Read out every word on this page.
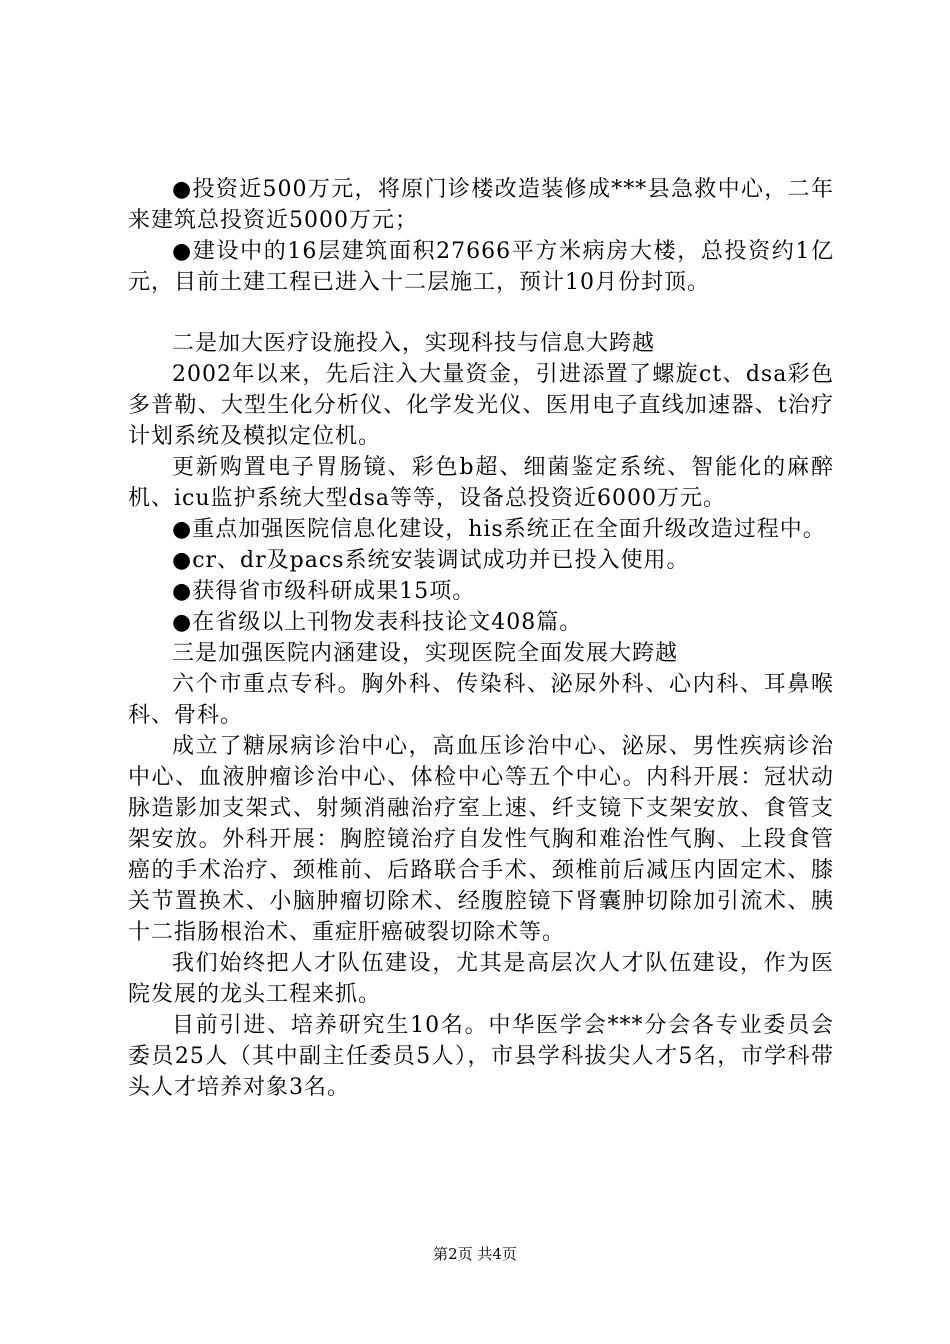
●投资近500万元，将原门诊楼改造装修成***县急救中心，二年来建筑总投资近5000万元；

●建设中的16层建筑面积27666平方米病房大楼，总投资约1亿元，目前土建工程已进入十二层施工，预计10月份封顶。

二是加大医疗设施投入，实现科技与信息大跨越

2002年以来，先后注入大量资金，引进添置了螺旋ct、dsa彩色多普勒、大型生化分析仪、化学发光仪、医用电子直线加速器、t治疗计划系统及模拟定位机。

更新购置电子胃肠镜、彩色b超、细菌鉴定系统、智能化的麻醉机、icu监护系统大型dsa等等，设备总投资近6000万元。

●重点加强医院信息化建设，his系统正在全面升级改造过程中。

●cr、dr及pacs系统安装调试成功并已投入使用。

●获得省市级科研成果15项。

●在省级以上刊物发表科技论文408篇。

三是加强医院内涵建设，实现医院全面发展大跨越

六个市重点专科。胸外科、传染科、泌尿外科、心内科、耳鼻喉科、骨科。

成立了糖尿病诊治中心，高血压诊治中心、泌尿、男性疾病诊治中心、血液肿瘤诊治中心、体检中心等五个中心。内科开展：冠状动脉造影加支架式、射频消融治疗室上速、纤支镜下支架安放、食管支架安放。外科开展：胸腔镜治疗自发性气胸和难治性气胸、上段食管癌的手术治疗、颈椎前、后路联合手术、颈椎前后减压内固定术、膝关节置换术、小脑肿瘤切除术、经腹腔镜下肾囊肿切除加引流术、胰十二指肠根治术、重症肝癌破裂切除术等。

我们始终把人才队伍建设，尤其是高层次人才队伍建设，作为医院发展的龙头工程来抓。

目前引进、培养研究生10名。中华医学会***分会各专业委员会委员25人（其中副主任委员5人），市县学科拔尖人才5名，市学科带头人才培养对象3名。

第2页 共4页
